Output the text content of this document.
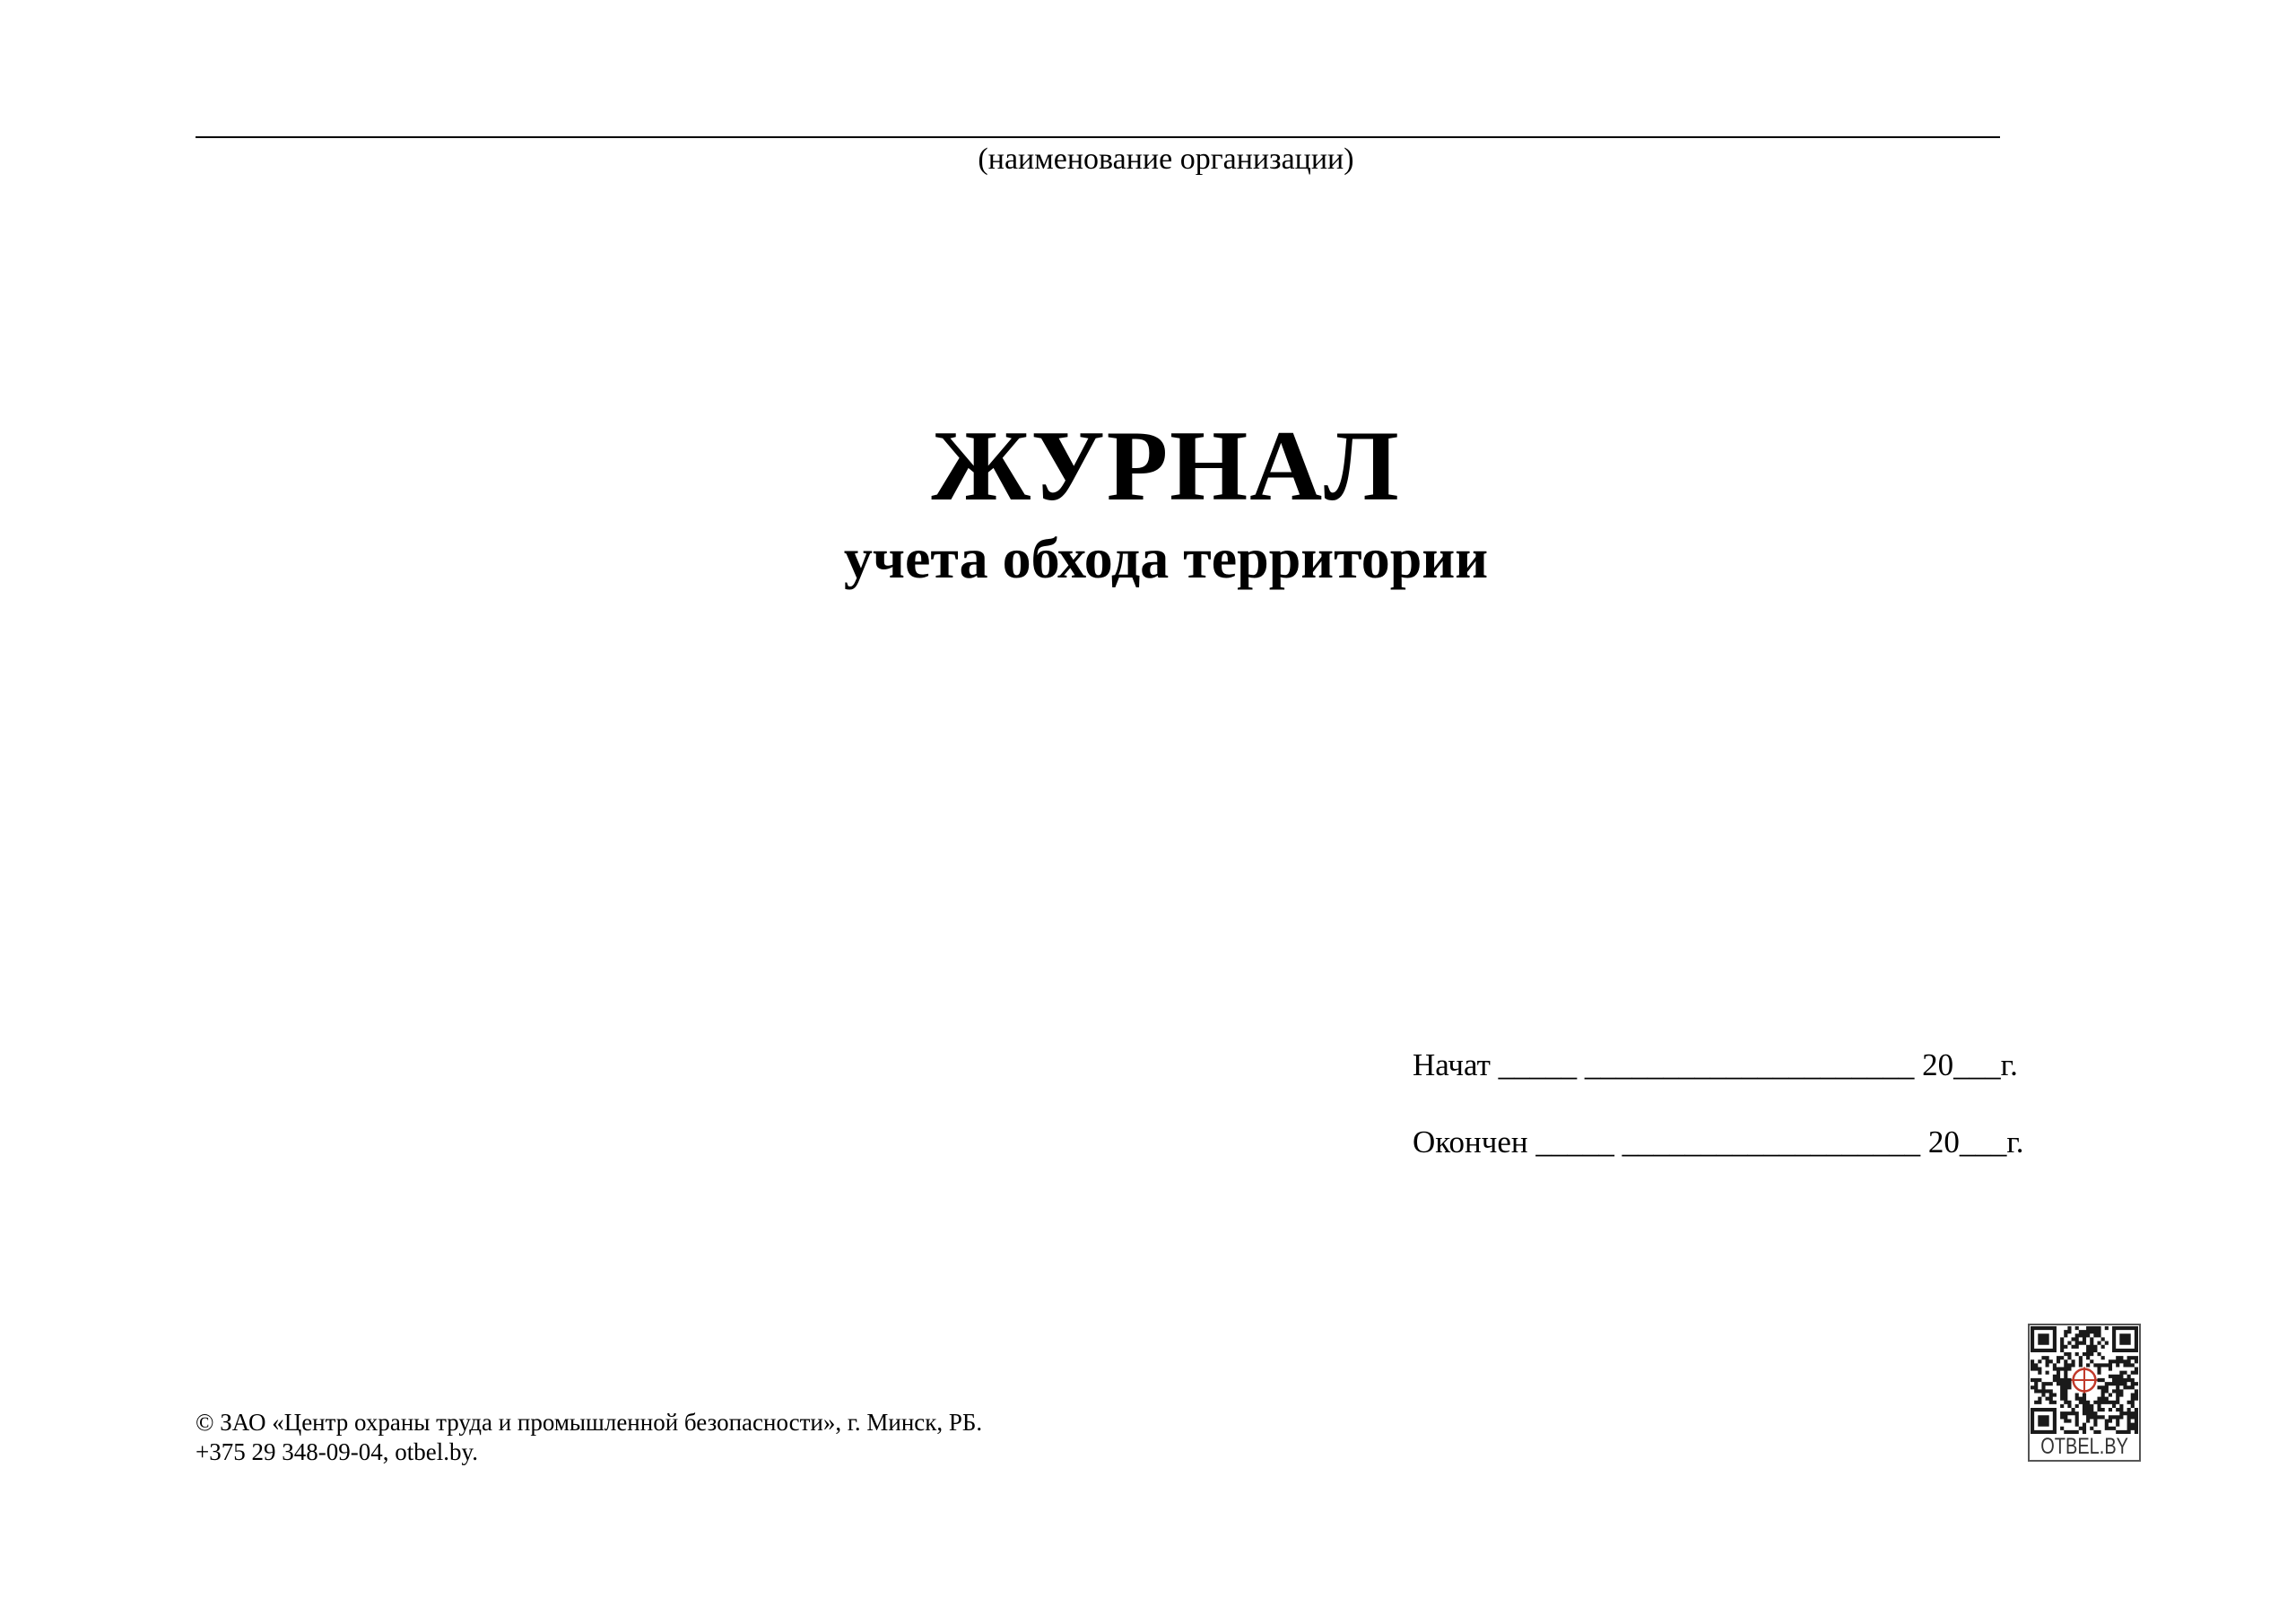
(наименование организации)
ЖУРНАЛ
учета обхода территории
Начат _____ _____________________ 20___г.
Окончен _____ ___________________ 20___г.
© ЗАО «Центр охраны труда и промышленной безопасности», г. Минск, РБ.
+375 29 348-09-04, otbel.by.	OTBEL.BY
